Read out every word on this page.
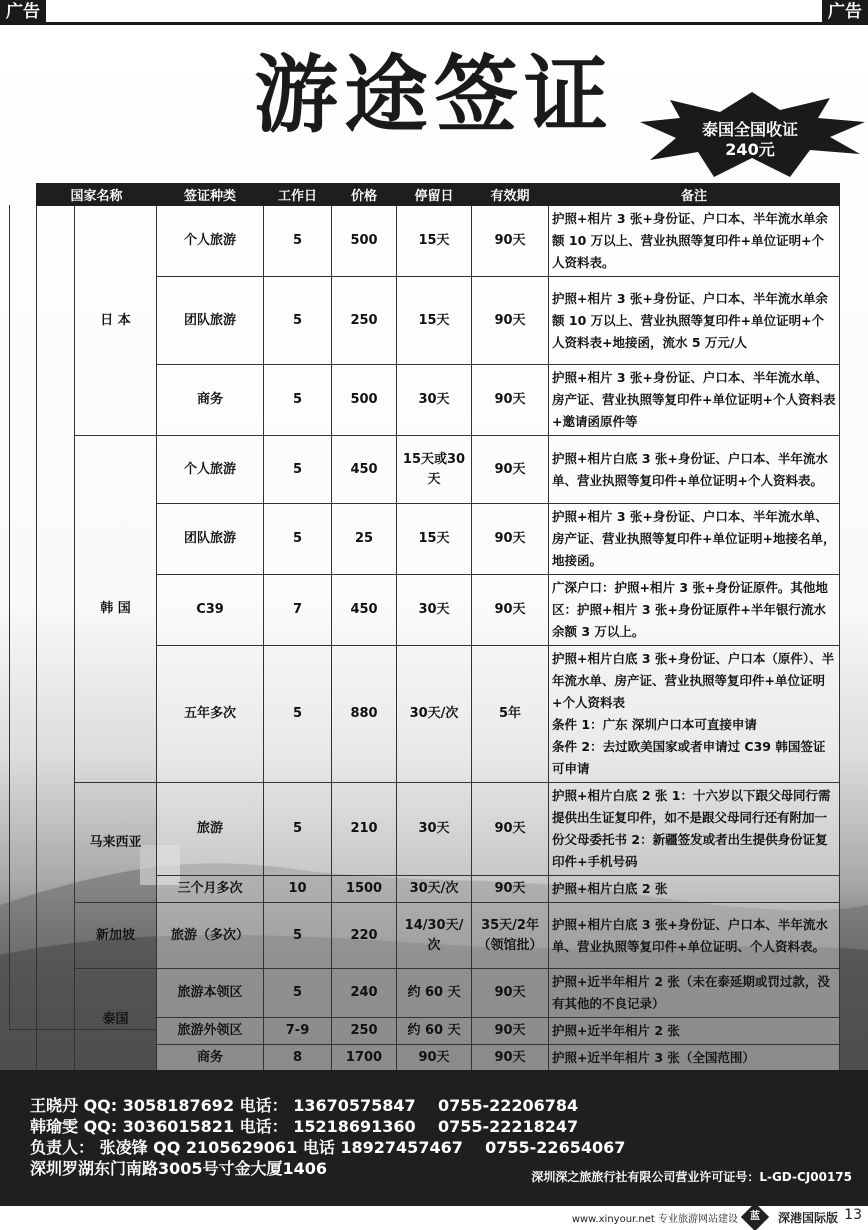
广告	广告
游途签证	泰国全国收证
240元
国家名称		签证种类	工作日	价格	停留日	有效期	备注
	日 本	个人旅游	5	500	15天	90天	护照+相片 3 张+身份证、户口本、半年流水单余额 10 万以上、营业执照等复印件+单位证明+个人资料表。
		团队旅游	5	250	15天	90天	护照+相片 3 张+身份证、户口本、半年流水单余额 10 万以上、营业执照等复印件+单位证明+个人资料表+地接函，流水 5 万元/人
		商务	5	500	30天	90天	护照+相片 3 张+身份证、户口本、半年流水单、房产证、营业执照等复印件+单位证明+个人资料表+邀请函原件等
	韩 国	个人旅游	5	450	15天或30天	90天	护照+相片白底 3 张+身份证、户口本、半年流水单、营业执照等复印件+单位证明+个人资料表。
		团队旅游	5	25	15天	90天	护照+相片 3 张+身份证、户口本、半年流水单、房产证、营业执照等复印件+单位证明+地接名单，地接函。
		C39	7	450	30天	90天	广深户口：护照+相片 3 张+身份证原件。其他地区：护照+相片 3 张+身份证原件+半年银行流水余额 3 万以上。
		五年多次	5	880	30天/次	5年	护照+相片白底 3 张+身份证、户口本（原件）、半年流水单、房产证、营业执照等复印件+单位证明+个人资料表
条件 1：广东 深圳户口本可直接申请
条件 2：去过欧美国家或者申请过 C39 韩国签证可申请
	马来西亚	旅游	5	210	30天	90天	护照+相片白底 2 张 1：十六岁以下跟父母同行需提供出生证复印件，如不是跟父母同行还有附加一份父母委托书 2：新疆签发或者出生提供身份证复印件+手机号码
		三个月多次	10	1500	30天/次	90天	护照+相片白底 2 张
	新加坡	旅游（多次）	5	220	14/30天/次	35天/2年（领馆批）	护照+相片白底 3 张+身份证、户口本、半年流水单、营业执照等复印件+单位证明、个人资料表。
	泰国	旅游本领区	5	240	约 60 天	90天	护照+近半年相片 2 张（未在泰延期或罚过款，没有其他的不良记录）
		旅游外领区	7-9	250	约 60 天	90天	护照+近半年相片 2 张
		商务	8	1700	90天	90天	护照+近半年相片 3 张（全国范围）
王晓丹 QQ: 3058187692 电话： 13670575847    0755-22206784
韩瑜雯 QQ: 3036015821 电话： 15218691360    0755-22218247
负责人： 张凌锋 QQ 2105629061 电话 18927457467    0755-22654067
深圳罗湖东门南路3005号寸金大厦1406	深圳深之旅旅行社有限公司营业许可证号：L-GD-CJ00175
www.xinyour.net 专业旅游网站建设	蓝	深港国际版 13
